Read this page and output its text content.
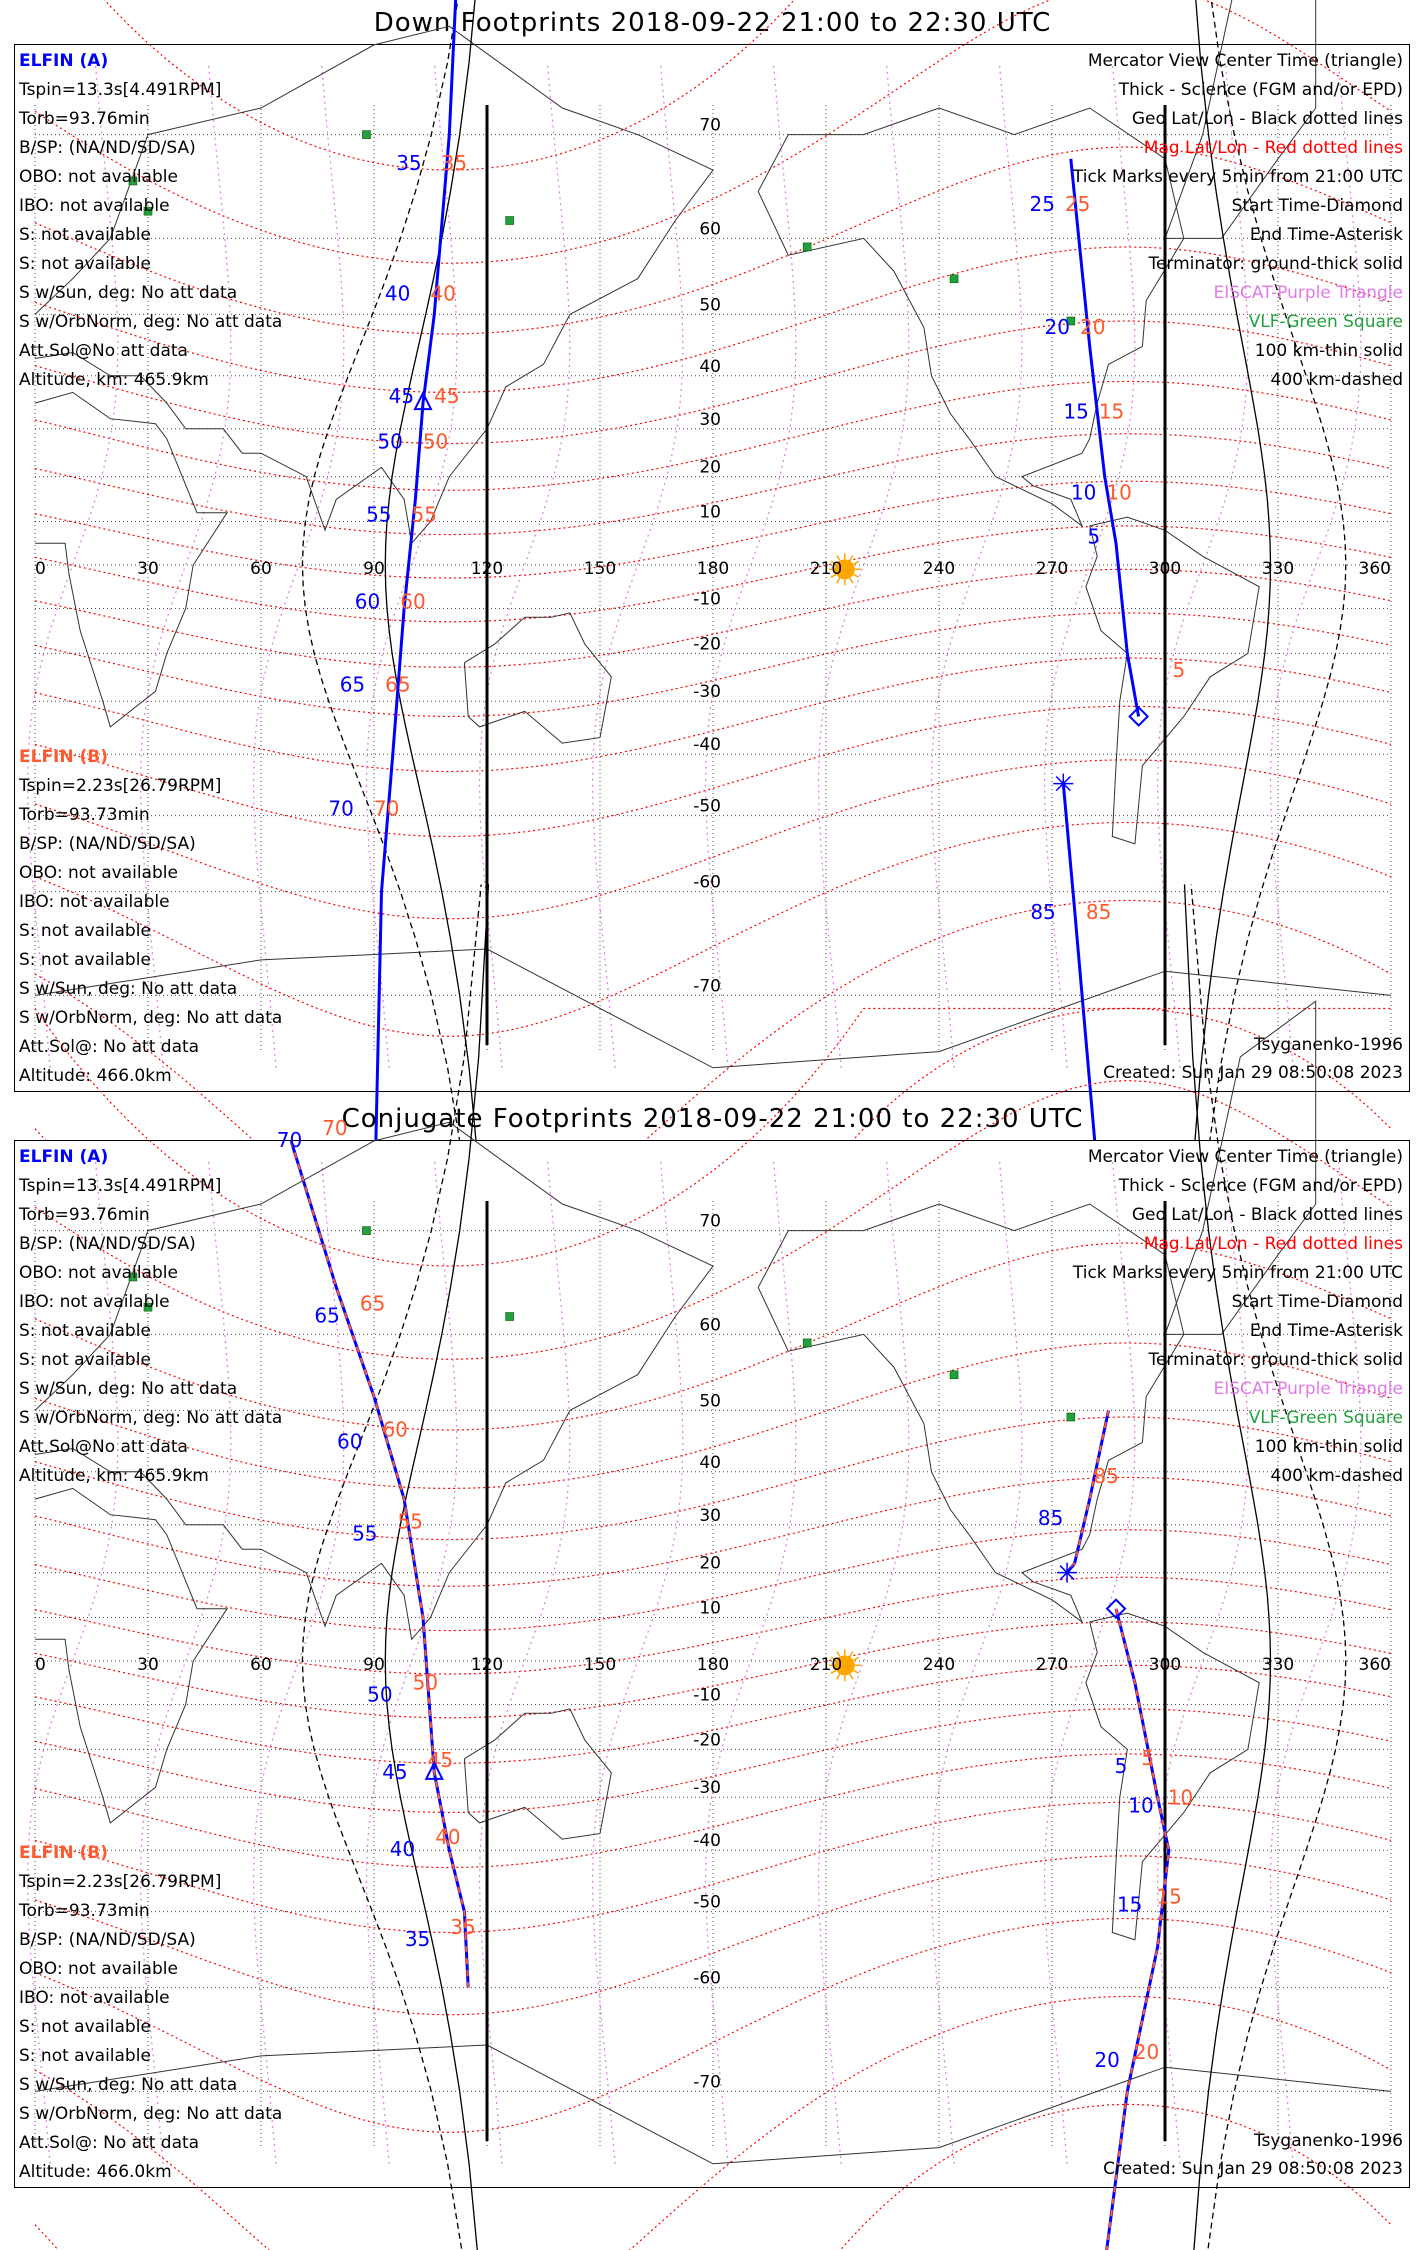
Down Footprints 2018-09-22 21:00 to 22:30 UTC
0	30	60	90	120	150	180	210	240	270	300	330	360
70
60
50
40
30
20
10
-10
-20
-30
-40
-50
-60
-70
35
40
45
50
55
60
65
70
35
40
45
50
55
60
65
70
25
20
15
10
5
25
20
15
10
5
85 85
ELFIN (A)
Tspin=13.3s[4.491RPM]
Torb=93.76min
B/SP: (NA/ND/SD/SA)
OBO: not available
IBO: not available
S: not available
S: not available
S w/Sun, deg: No att data
S w/OrbNorm, deg: No att data
Att.Sol@No att data
Altitude, km: 465.9km
ELFIN (B)
Tspin=2.23s[26.79RPM]
Torb=93.73min
B/SP: (NA/ND/SD/SA)
OBO: not available
IBO: not available
S: not available
S: not available
S w/Sun, deg: No att data
S w/OrbNorm, deg: No att data
Att.Sol@: No att data
Altitude: 466.0km
Mercator View Center Time (triangle)
Thick - Science (FGM and/or EPD)
Geo Lat/Lon - Black dotted lines
Mag Lat/Lon - Red dotted lines
Tick Marks every 5min from 21:00 UTC
Start Time-Diamond
End Time-Asterisk
Terminator: ground-thick solid
EISCAT-Purple Triangle
VLF-Green Square
100 km-thin solid
400 km-dashed
Tsyganenko-1996
Created: Sun Jan 29 08:50:08 2023
Conjugate Footprints 2018-09-22 21:00 to 22:30 UTC
0	30	60	90	120	150	180	210	240	270	300	330	360
70
60
50
40
30
20
10
-10
-20
-30
-40
-50
-60
-70
70
65
60
55
50
45
40
35
70
65
60
55
50
45
40
35
85
85
5 5
10 10
15 15
20 20
ELFIN (A)
Tspin=13.3s[4.491RPM]
Torb=93.76min
B/SP: (NA/ND/SD/SA)
OBO: not available
IBO: not available
S: not available
S: not available
S w/Sun, deg: No att data
S w/OrbNorm, deg: No att data
Att.Sol@No att data
Altitude, km: 465.9km
ELFIN (B)
Tspin=2.23s[26.79RPM]
Torb=93.73min
B/SP: (NA/ND/SD/SA)
OBO: not available
IBO: not available
S: not available
S: not available
S w/Sun, deg: No att data
S w/OrbNorm, deg: No att data
Att.Sol@: No att data
Altitude: 466.0km
Mercator View Center Time (triangle)
Thick - Science (FGM and/or EPD)
Geo Lat/Lon - Black dotted lines
Mag Lat/Lon - Red dotted lines
Tick Marks every 5min from 21:00 UTC
Start Time-Diamond
End Time-Asterisk
Terminator: ground-thick solid
EISCAT-Purple Triangle
VLF-Green Square
100 km-thin solid
400 km-dashed
Tsyganenko-1996
Created: Sun Jan 29 08:50:08 2023
